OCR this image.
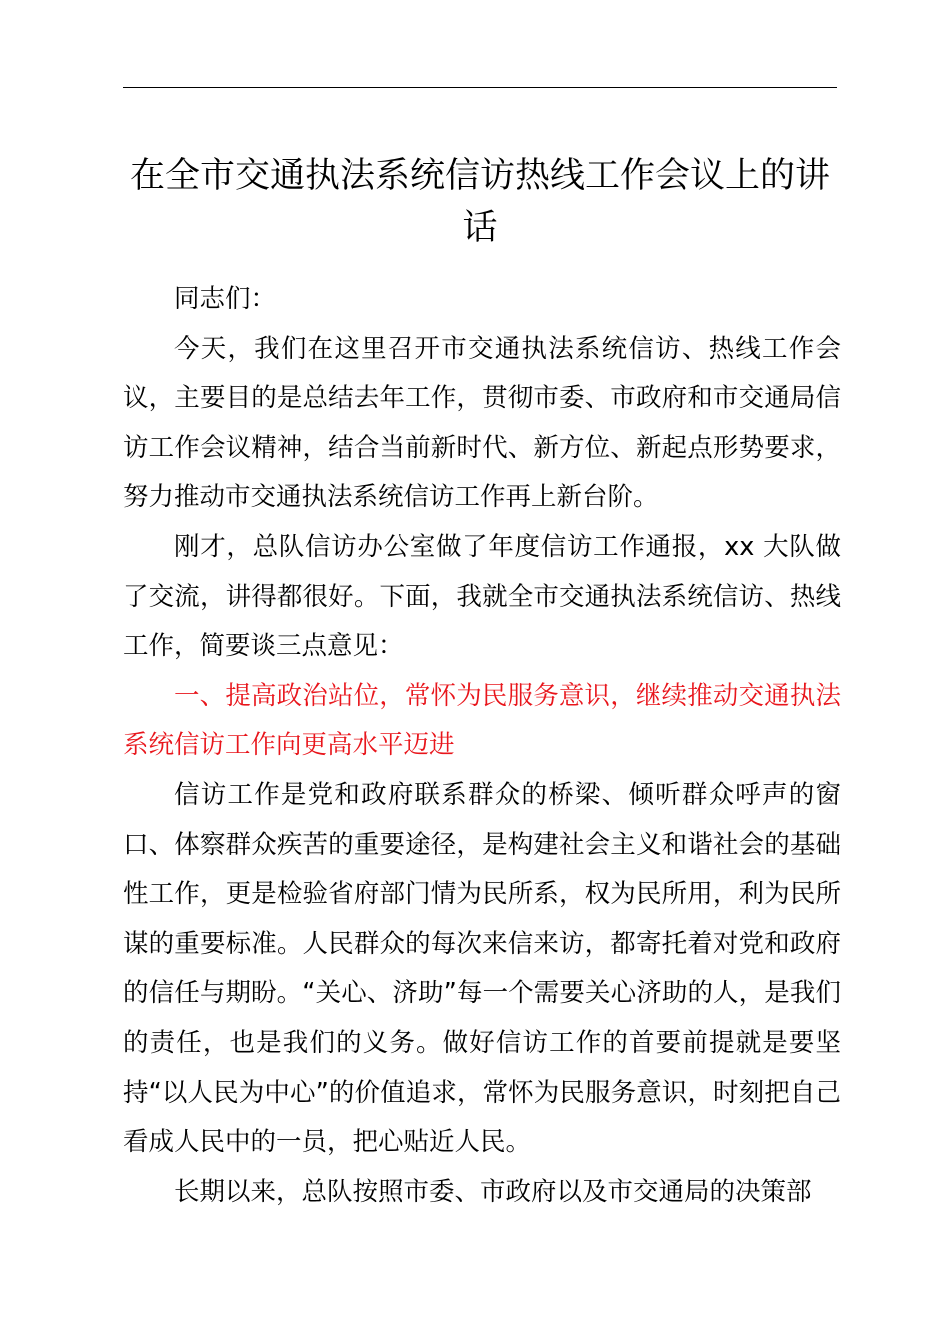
在全市交通执法系统信访热线工作会议上的讲话

同志们：

今天，我们在这里召开市交通执法系统信访、热线工作会议，主要目的是总结去年工作，贯彻市委、市政府和市交通局信访工作会议精神，结合当前新时代、新方位、新起点形势要求，努力推动市交通执法系统信访工作再上新台阶。

刚才，总队信访办公室做了年度信访工作通报，xx 大队做了交流，讲得都很好。下面，我就全市交通执法系统信访、热线工作，简要谈三点意见：

一、提高政治站位，常怀为民服务意识，继续推动交通执法系统信访工作向更高水平迈进

信访工作是党和政府联系群众的桥梁、倾听群众呼声的窗口、体察群众疾苦的重要途径，是构建社会主义和谐社会的基础性工作，更是检验省府部门情为民所系，权为民所用，利为民所谋的重要标准。人民群众的每次来信来访，都寄托着对党和政府的信任与期盼。“关心、济助”每一个需要关心济助的人，是我们的责任，也是我们的义务。做好信访工作的首要前提就是要坚持“以人民为中心”的价值追求，常怀为民服务意识，时刻把自己看成人民中的一员，把心贴近人民。

长期以来，总队按照市委、市政府以及市交通局的决策部
